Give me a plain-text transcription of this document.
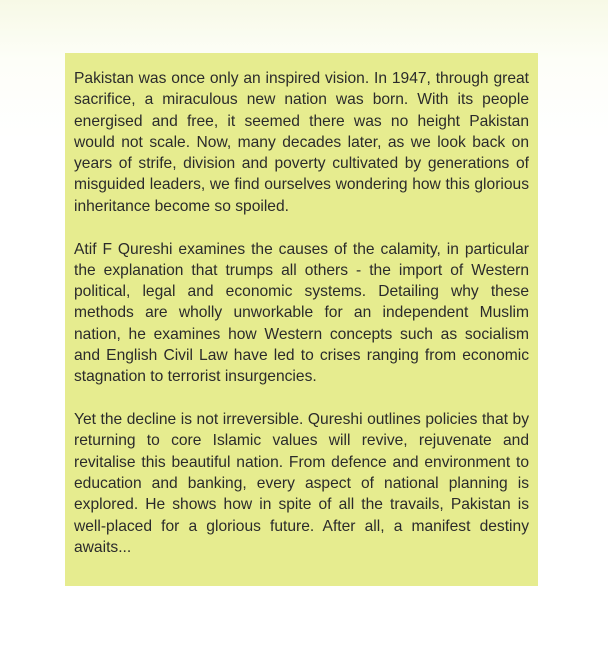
Pakistan was once only an inspired vision. In 1947, through great sacrifice, a miraculous new nation was born. With its people energised and free, it seemed there was no height Pakistan would not scale. Now, many decades later, as we look back on years of strife, division and poverty cultivated by generations of misguided leaders, we find ourselves wondering how this glorious inheritance become so spoiled.

Atif F Qureshi examines the causes of the calamity, in particular the explanation that trumps all others - the import of Western political, legal and economic systems. Detailing why these methods are wholly unworkable for an independent Muslim nation, he examines how Western concepts such as socialism and English Civil Law have led to crises ranging from economic stagnation to terrorist insurgencies.

Yet the decline is not irreversible. Qureshi outlines policies that by returning to core Islamic values will revive, rejuvenate and revitalise this beautiful nation. From defence and environment to education and banking, every aspect of national planning is explored. He shows how in spite of all the travails, Pakistan is well-placed for a glorious future. After all, a manifest destiny awaits...
